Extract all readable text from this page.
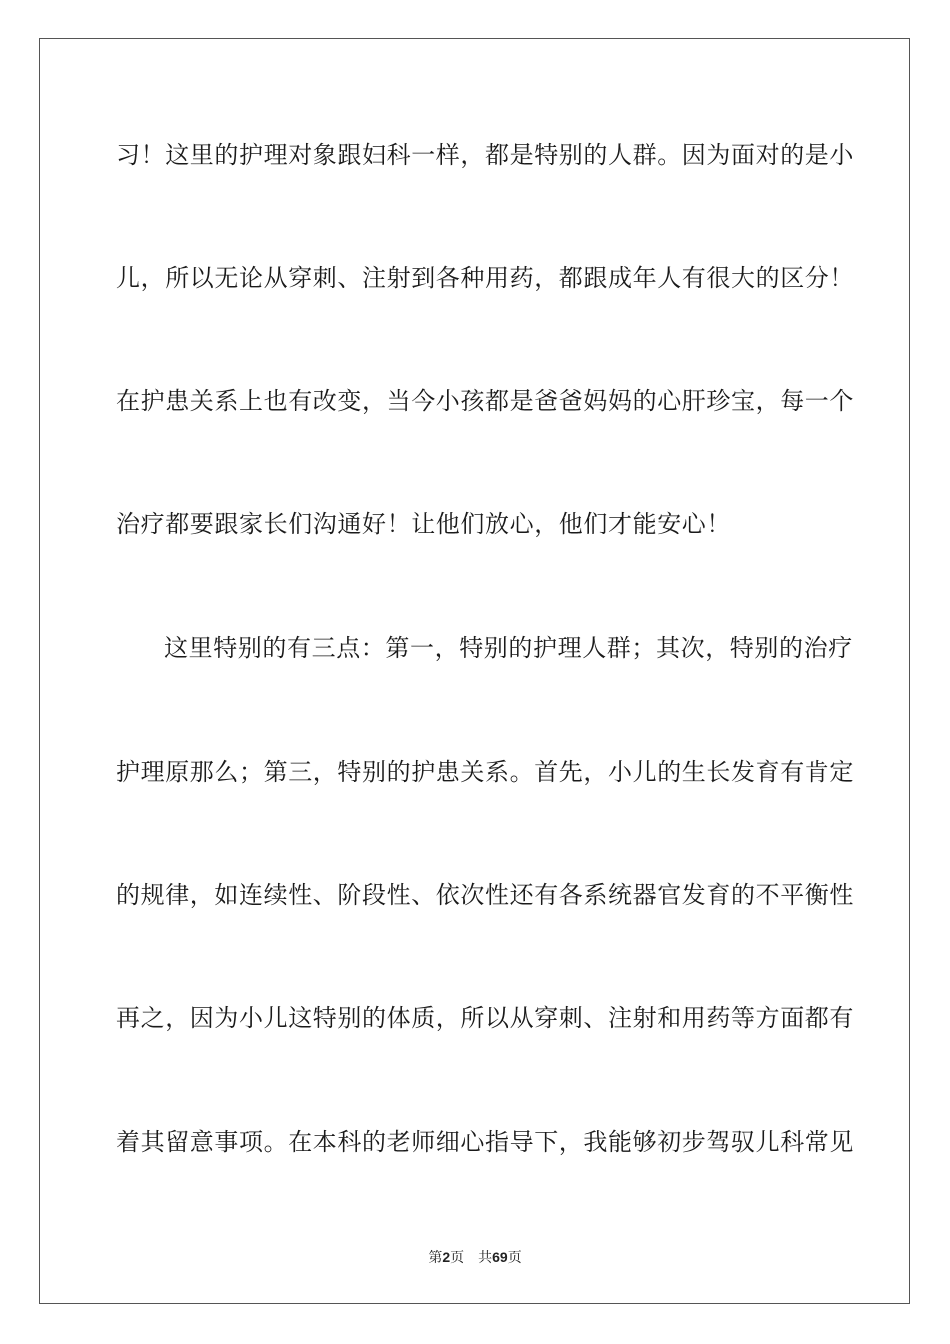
习！这里的护理对象跟妇科一样，都是特别的人群。因为面对的是小
儿，所以无论从穿刺、注射到各种用药，都跟成年人有很大的区分！
在护患关系上也有改变，当今小孩都是爸爸妈妈的心肝珍宝，每一个
治疗都要跟家长们沟通好！让他们放心，他们才能安心！
这里特别的有三点：第一，特别的护理人群；其次，特别的治疗
护理原那么；第三，特别的护患关系。首先，小儿的生长发育有肯定
的规律，如连续性、阶段性、依次性还有各系统器官发育的不平衡性
再之，因为小儿这特别的体质，所以从穿刺、注射和用药等方面都有
着其留意事项。在本科的老师细心指导下，我能够初步驾驭儿科常见
第2页 共69页
